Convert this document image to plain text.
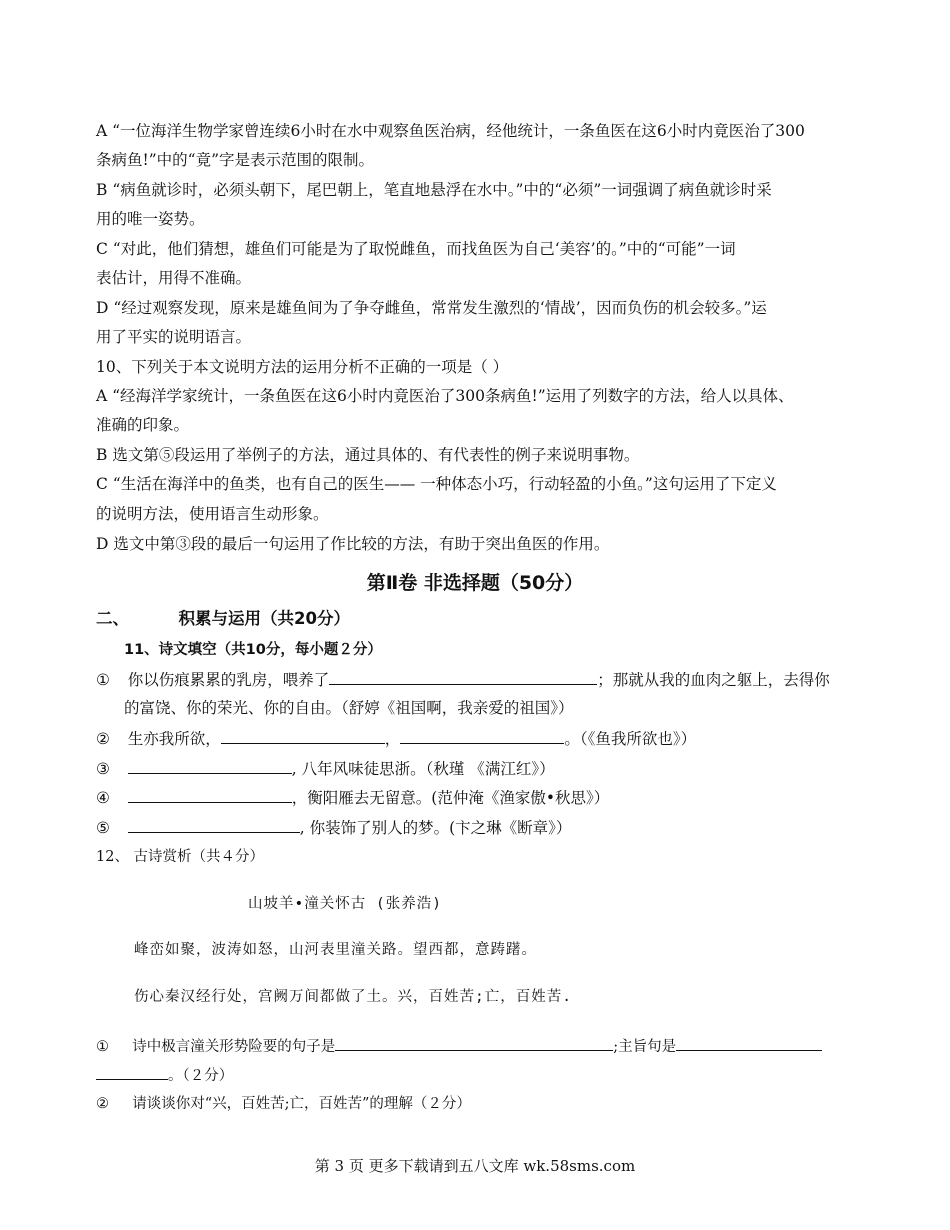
A “一位海洋生物学家曾连续6小时在水中观察鱼医治病，经他统计，一条鱼医在这6小时内竟医治了300
条病鱼!”中的“竟”字是表示范围的限制。
B “病鱼就诊时，必须头朝下，尾巴朝上，笔直地悬浮在水中。”中的“必须”一词强调了病鱼就诊时采
用的唯一姿势。
C “对此，他们猜想，雄鱼们可能是为了取悦雌鱼，而找鱼医为自己‘美容’的。”中的“可能”一词
表估计，用得不准确。
D “经过观察发现，原来是雄鱼间为了争夺雌鱼，常常发生激烈的‘情战’，因而负伤的机会较多。”运
用了平实的说明语言。
10、下列关于本文说明方法的运用分析不正确的一项是（ ）
A “经海洋学家统计，一条鱼医在这6小时内竟医治了300条病鱼!”运用了列数字的方法，给人以具体、
准确的印象。
B 选文第⑤段运用了举例子的方法，通过具体的、有代表性的例子来说明事物。
C “生活在海洋中的鱼类，也有自己的医生—— 一种体态小巧，行动轻盈的小鱼。”这句运用了下定义
的说明方法，使用语言生动形象。
D 选文中第③段的最后一句运用了作比较的方法，有助于突出鱼医的作用。
第Ⅱ卷 非选择题（50分）
二、	积累与运用（共20分）
11、诗文填空（共10分，每小题２分）
① 你以伤痕累累的乳房，喂养了	；那就从我的血肉之躯上，去得你
的富饶、你的荣光、你的自由。（舒婷《祖国啊，我亲爱的祖国》）
② 生亦我所欲，	，	。（《鱼我所欲也》）
③	, 八年风味徒思浙。（秋瑾 《满江红》）
④	，衡阳雁去无留意。(范仲淹《渔家傲•秋思》）
⑤	, 你装饰了别人的梦。(卞之琳《断章》）
12、 古诗赏析（共４分）
山坡羊•潼关怀古 (张养浩)
峰峦如聚，波涛如怒，山河表里潼关路。望西都，意踌躇。
伤心秦汉经行处，宫阙万间都做了土。兴，百姓苦;亡，百姓苦.
① 诗中极言潼关形势险要的句子是	;主旨句是
。（２分）
② 请谈谈你对“兴，百姓苦;亡，百姓苦”的理解（２分）
第 3 页 更多下载请到五八文库 wk.58sms.com
